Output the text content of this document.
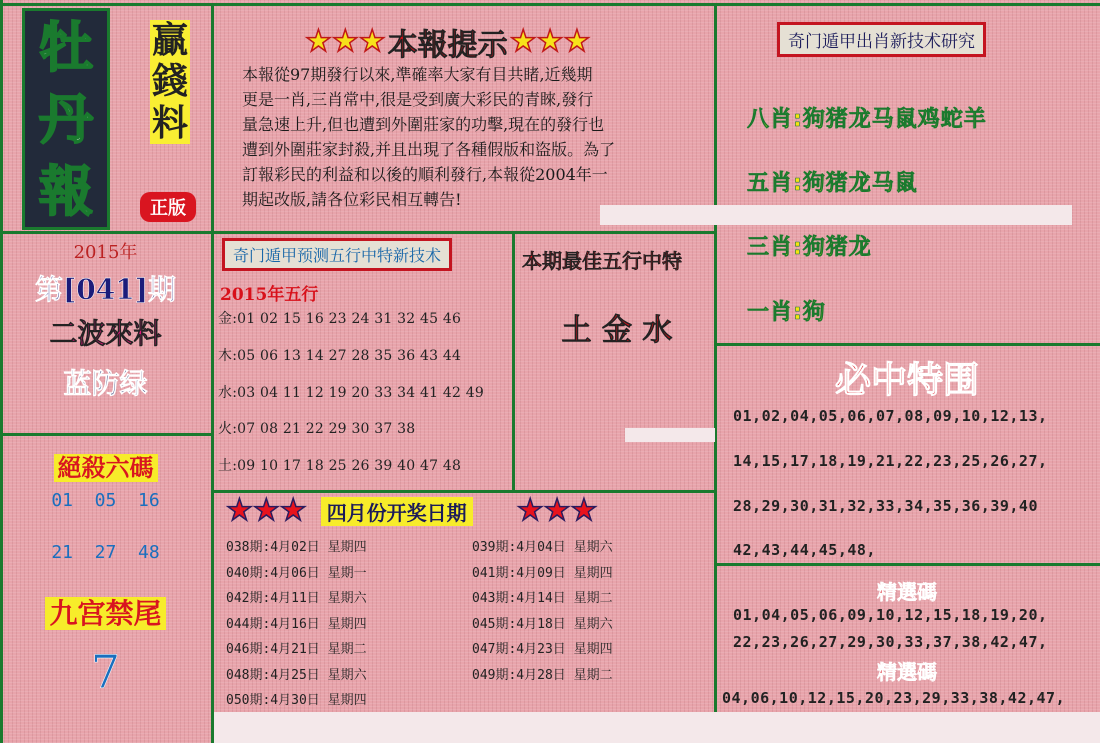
牡
丹
報
贏
錢
料
正版
2015年
第[041]期
二波來料
蓝防绿
絕殺六碼
01  05  16
21  27  48
九宫禁尾
7
★★★ 本報提示 ★★★
本報從97期發行以來,準確率大家有目共睹,近幾期
更是一肖,三肖常中,很是受到廣大彩民的青睞,發行
量急速上升,但也遭到外圍莊家的功擊,現在的發行也
遭到外圍莊家封殺,并且出現了各種假版和盜版。為了
訂報彩民的利益和以後的順利發行,本報從2004年一
期起改版,請各位彩民相互轉告!
奇门遁甲出肖新技术研究
八肖:狗猪龙马鼠鸡蛇羊
五肖:狗猪龙马鼠
三肖:狗猪龙
一肖:狗
奇门遁甲预测五行中特新技术
2015年五行
金:01 02 15 16 23 24 31 32 45 46
木:05 06 13 14 27 28 35 36 43 44
水:03 04 11 12 19 20 33 34 41 42 49
火:07 08 21 22 29 30 37 38
土:09 10 17 18 25 26 39 40 47 48
本期最佳五行中特
土 金 水
必中特围
01,02,04,05,06,07,08,09,10,12,13,
14,15,17,18,19,21,22,23,25,26,27,
28,29,30,31,32,33,34,35,36,39,40
42,43,44,45,48,
精選碼
01,04,05,06,09,10,12,15,18,19,20,
22,23,26,27,29,30,33,37,38,42,47,
精選碼
04,06,10,12,15,20,23,29,33,38,42,47,
★★★	四月份开奖日期 ★★★
038期:4月02日 星期四
040期:4月06日 星期一
042期:4月11日 星期六
044期:4月16日 星期四
046期:4月21日 星期二
048期:4月25日 星期六
050期:4月30日 星期四
039期:4月04日 星期六
041期:4月09日 星期四
043期:4月14日 星期二
045期:4月18日 星期六
047期:4月23日 星期四
049期:4月28日 星期二
